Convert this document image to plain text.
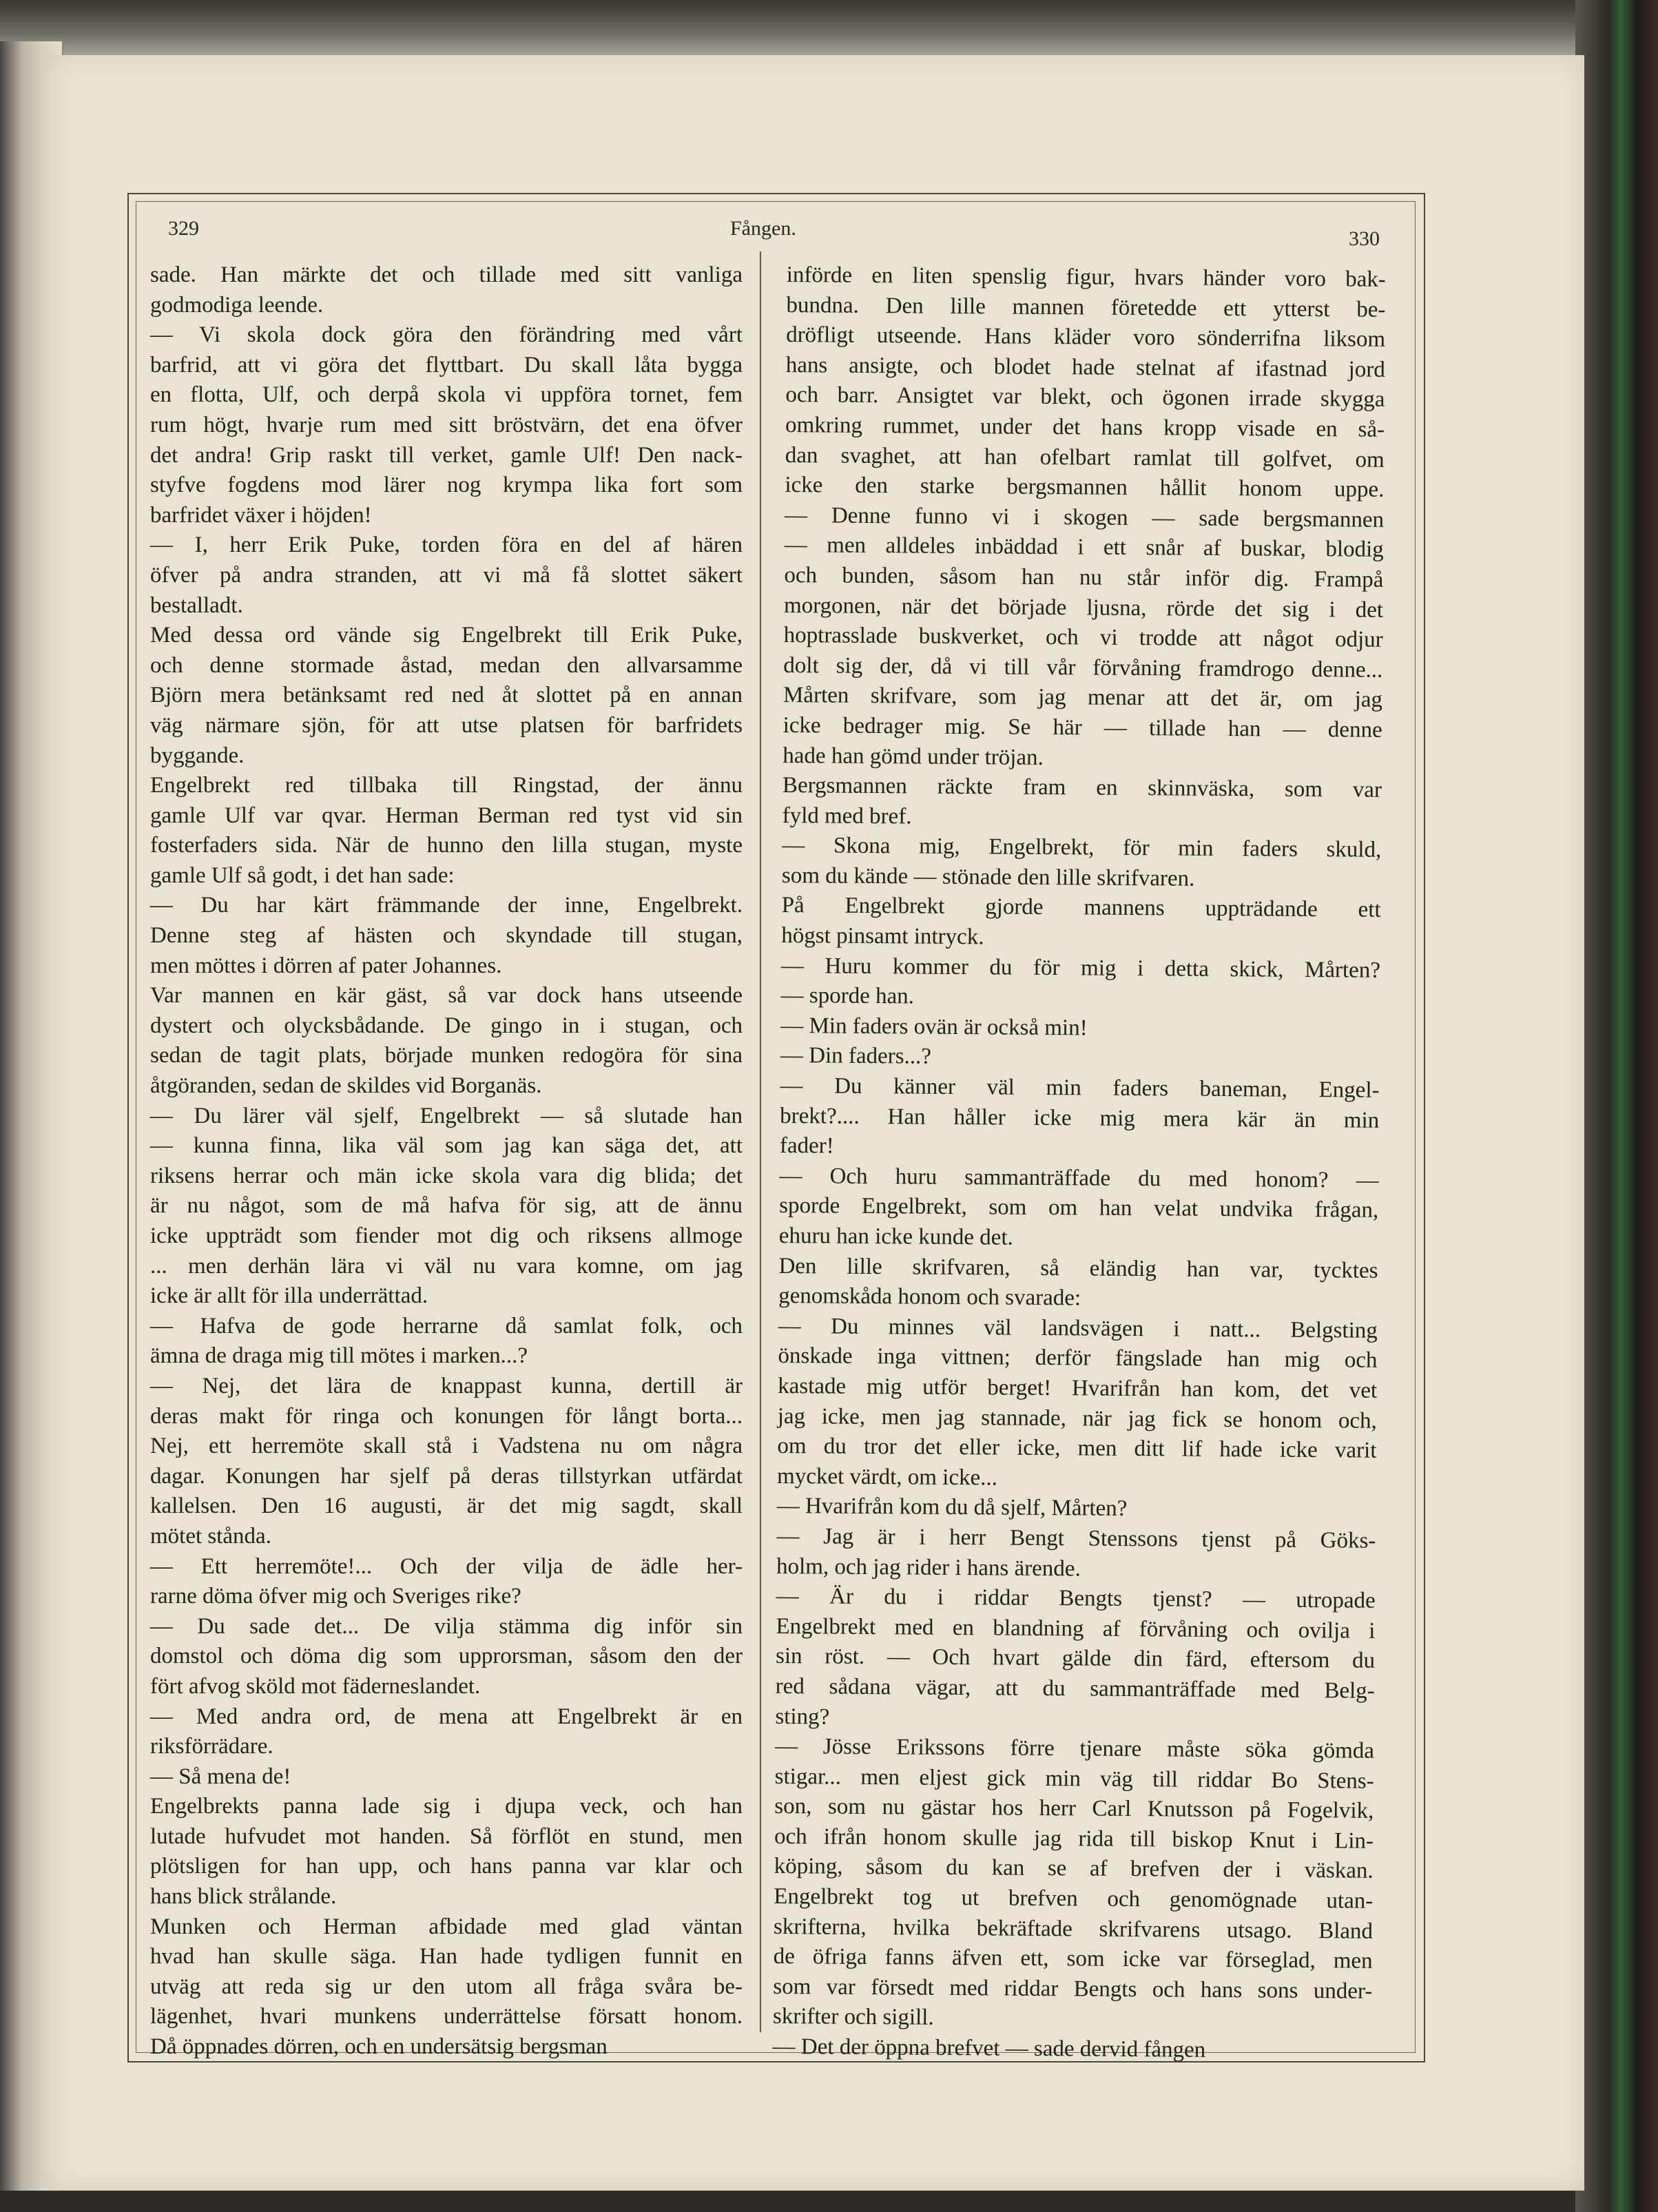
329	Fången.	330

sade. Han märkte det och tillade med sitt vanliga

godmodiga leende.

— Vi skola dock göra den förändring med vårt

barfrid, att vi göra det flyttbart. Du skall låta bygga

en flotta, Ulf, och derpå skola vi uppföra tornet, fem

rum högt, hvarje rum med sitt bröstvärn, det ena öfver

det andra! Grip raskt till verket, gamle Ulf! Den nack-

styfve fogdens mod lärer nog krympa lika fort som

barfridet växer i höjden!

— I, herr Erik Puke, torden föra en del af hären

öfver på andra stranden, att vi må få slottet säkert

bestalladt.

Med dessa ord vände sig Engelbrekt till Erik Puke,

och denne stormade åstad, medan den allvarsamme

Björn mera betänksamt red ned åt slottet på en annan

väg närmare sjön, för att utse platsen för barfridets

byggande.

Engelbrekt red tillbaka till Ringstad, der ännu

gamle Ulf var qvar. Herman Berman red tyst vid sin

fosterfaders sida. När de hunno den lilla stugan, myste

gamle Ulf så godt, i det han sade:

— Du har kärt främmande der inne, Engelbrekt.

Denne steg af hästen och skyndade till stugan,

men möttes i dörren af pater Johannes.

Var mannen en kär gäst, så var dock hans utseende

dystert och olycksbådande. De gingo in i stugan, och

sedan de tagit plats, började munken redogöra för sina

åtgöranden, sedan de skildes vid Borganäs.

— Du lärer väl sjelf, Engelbrekt — så slutade han

— kunna finna, lika väl som jag kan säga det, att

riksens herrar och män icke skola vara dig blida; det

är nu något, som de må hafva för sig, att de ännu

icke uppträdt som fiender mot dig och riksens allmoge

... men derhän lära vi väl nu vara komne, om jag

icke är allt för illa underrättad.

— Hafva de gode herrarne då samlat folk, och

ämna de draga mig till mötes i marken...?

— Nej, det lära de knappast kunna, dertill är

deras makt för ringa och konungen för långt borta...

Nej, ett herremöte skall stå i Vadstena nu om några

dagar. Konungen har sjelf på deras tillstyrkan utfärdat

kallelsen. Den 16 augusti, är det mig sagdt, skall

mötet stånda.

— Ett herremöte!... Och der vilja de ädle her-

rarne döma öfver mig och Sveriges rike?

— Du sade det... De vilja stämma dig inför sin

domstol och döma dig som upprorsman, såsom den der

fört afvog sköld mot fäderneslandet.

— Med andra ord, de mena att Engelbrekt är en

riksförrädare.

— Så mena de!

Engelbrekts panna lade sig i djupa veck, och han

lutade hufvudet mot handen. Så förflöt en stund, men

plötsligen for han upp, och hans panna var klar och

hans blick strålande.

Munken och Herman afbidade med glad väntan

hvad han skulle säga. Han hade tydligen funnit en

utväg att reda sig ur den utom all fråga svåra be-

lägenhet, hvari munkens underrättelse försatt honom.

Då öppnades dörren, och en undersätsig bergsman

införde en liten spenslig figur, hvars händer voro bak-

bundna. Den lille mannen företedde ett ytterst be-

dröfligt utseende. Hans kläder voro sönderrifna liksom

hans ansigte, och blodet hade stelnat af ifastnad jord

och barr. Ansigtet var blekt, och ögonen irrade skygga

omkring rummet, under det hans kropp visade en så-

dan svaghet, att han ofelbart ramlat till golfvet, om

icke den starke bergsmannen hållit honom uppe.

— Denne funno vi i skogen — sade bergsmannen

— men alldeles inbäddad i ett snår af buskar, blodig

och bunden, såsom han nu står inför dig. Frampå

morgonen, när det började ljusna, rörde det sig i det

hoptrasslade buskverket, och vi trodde att något odjur

dolt sig der, då vi till vår förvåning framdrogo denne...

Mårten skrifvare, som jag menar att det är, om jag

icke bedrager mig. Se här — tillade han — denne

hade han gömd under tröjan.

Bergsmannen räckte fram en skinnväska, som var

fyld med bref.

— Skona mig, Engelbrekt, för min faders skuld,

som du kände — stönade den lille skrifvaren.

På Engelbrekt gjorde mannens uppträdande ett

högst pinsamt intryck.

— Huru kommer du för mig i detta skick, Mårten?

— sporde han.

— Min faders ovän är också min!

— Din faders...?

— Du känner väl min faders baneman, Engel-

brekt?.... Han håller icke mig mera kär än min

fader!

— Och huru sammanträffade du med honom? —

sporde Engelbrekt, som om han velat undvika frågan,

ehuru han icke kunde det.

Den lille skrifvaren, så eländig han var, tycktes

genomskåda honom och svarade:

— Du minnes väl landsvägen i natt... Belgsting

önskade inga vittnen; derför fängslade han mig och

kastade mig utför berget! Hvarifrån han kom, det vet

jag icke, men jag stannade, när jag fick se honom och,

om du tror det eller icke, men ditt lif hade icke varit

mycket värdt, om icke...

— Hvarifrån kom du då sjelf, Mårten?

— Jag är i herr Bengt Stenssons tjenst på Göks-

holm, och jag rider i hans ärende.

— Är du i riddar Bengts tjenst? — utropade

Engelbrekt med en blandning af förvåning och ovilja i

sin röst. — Och hvart gälde din färd, eftersom du

red sådana vägar, att du sammanträffade med Belg-

sting?

— Jösse Erikssons förre tjenare måste söka gömda

stigar... men eljest gick min väg till riddar Bo Stens-

son, som nu gästar hos herr Carl Knutsson på Fogelvik,

och ifrån honom skulle jag rida till biskop Knut i Lin-

köping, såsom du kan se af brefven der i väskan.

Engelbrekt tog ut brefven och genomögnade utan-

skrifterna, hvilka bekräftade skrifvarens utsago. Bland

de öfriga fanns äfven ett, som icke var förseglad, men

som var försedt med riddar Bengts och hans sons under-

skrifter och sigill.

— Det der öppna brefvet — sade dervid fången
